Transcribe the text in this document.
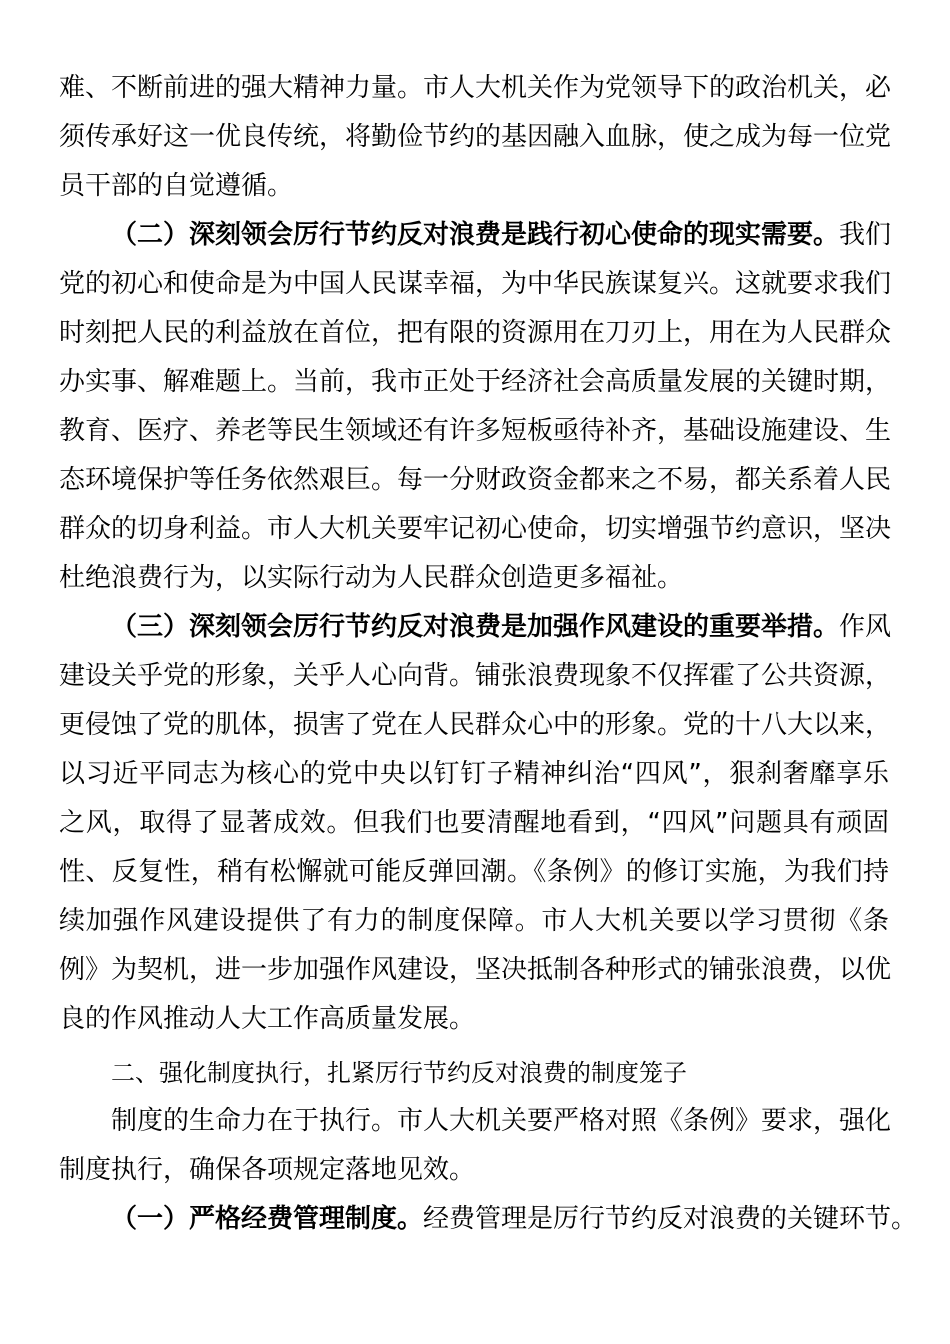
难、不断前进的强大精神力量。市人大机关作为党领导下的政治机关，必
须传承好这一优良传统，将勤俭节约的基因融入血脉，使之成为每一位党
员干部的自觉遵循。
（二）深刻领会厉行节约反对浪费是践行初心使命的现实需要。我们
党的初心和使命是为中国人民谋幸福，为中华民族谋复兴。这就要求我们
时刻把人民的利益放在首位，把有限的资源用在刀刃上，用在为人民群众
办实事、解难题上。当前，我市正处于经济社会高质量发展的关键时期，
教育、医疗、养老等民生领域还有许多短板亟待补齐，基础设施建设、生
态环境保护等任务依然艰巨。每一分财政资金都来之不易，都关系着人民
群众的切身利益。市人大机关要牢记初心使命，切实增强节约意识，坚决
杜绝浪费行为，以实际行动为人民群众创造更多福祉。
（三）深刻领会厉行节约反对浪费是加强作风建设的重要举措。作风
建设关乎党的形象，关乎人心向背。铺张浪费现象不仅挥霍了公共资源，
更侵蚀了党的肌体，损害了党在人民群众心中的形象。党的十八大以来，
以习近平同志为核心的党中央以钉钉子精神纠治“四风”，狠刹奢靡享乐
之风，取得了显著成效。但我们也要清醒地看到，“四风”问题具有顽固
性、反复性，稍有松懈就可能反弹回潮。《条例》的修订实施，为我们持
续加强作风建设提供了有力的制度保障。市人大机关要以学习贯彻《条
例》为契机，进一步加强作风建设，坚决抵制各种形式的铺张浪费，以优
良的作风推动人大工作高质量发展。
二、强化制度执行，扎紧厉行节约反对浪费的制度笼子
制度的生命力在于执行。市人大机关要严格对照《条例》要求，强化
制度执行，确保各项规定落地见效。
（一）严格经费管理制度。经费管理是厉行节约反对浪费的关键环节。
